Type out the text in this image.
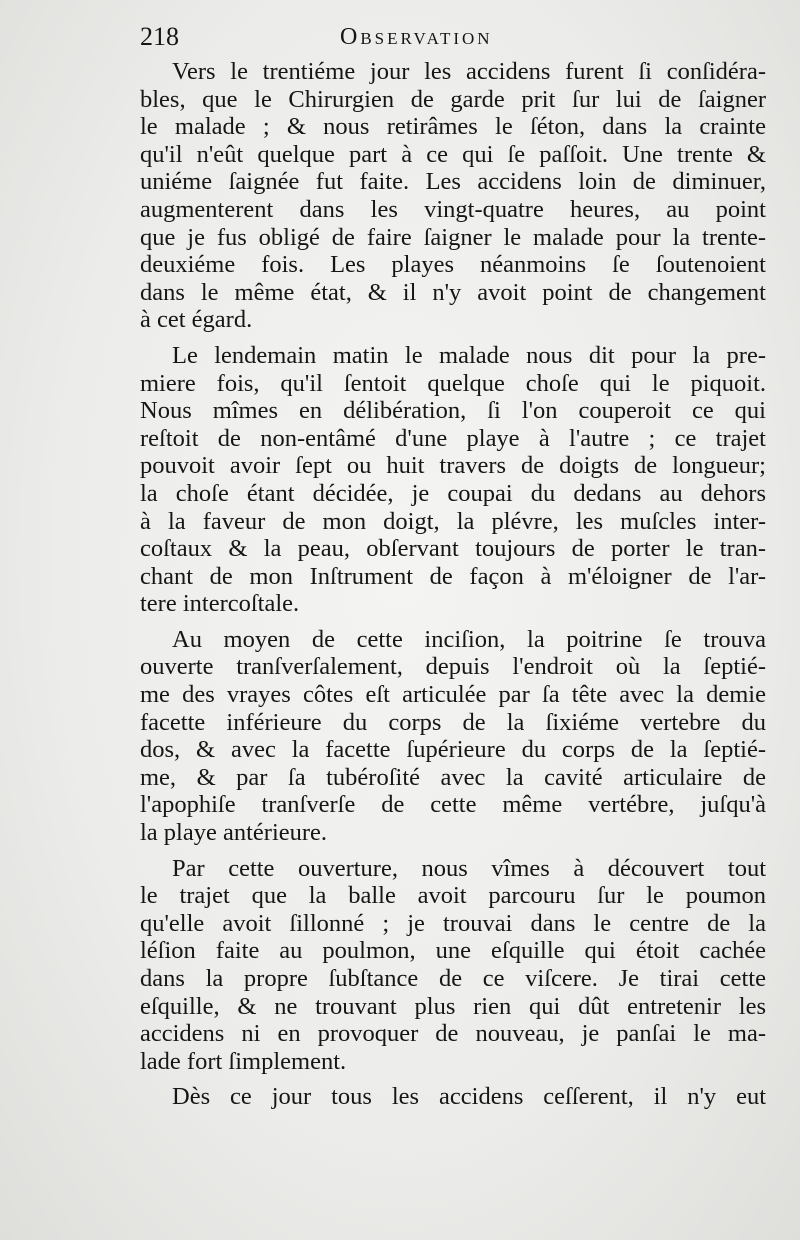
218	Observation
Vers le trentiéme jour les accidens furent ſi conſidéra-
bles, que le Chirurgien de garde prit ſur lui de ſaigner
le malade ; & nous retirâmes le ſéton, dans la crainte
qu'il n'eût quelque part à ce qui ſe paſſoit. Une trente &
uniéme ſaignée fut faite. Les accidens loin de diminuer,
augmenterent dans les vingt-quatre heures, au point
que je fus obligé de faire ſaigner le malade pour la trente-
deuxiéme fois. Les playes néanmoins ſe ſoutenoient
dans le même état, & il n'y avoit point de changement
à cet égard.
Le lendemain matin le malade nous dit pour la pre-
miere fois, qu'il ſentoit quelque choſe qui le piquoit.
Nous mîmes en délibération, ſi l'on couperoit ce qui
reſtoit de non-entâmé d'une playe à l'autre ; ce trajet
pouvoit avoir ſept ou huit travers de doigts de longueur;
la choſe étant décidée, je coupai du dedans au dehors
à la faveur de mon doigt, la plévre, les muſcles inter-
coſtaux & la peau, obſervant toujours de porter le tran-
chant de mon Inſtrument de façon à m'éloigner de l'ar-
tere intercoſtale.
Au moyen de cette inciſion, la poitrine ſe trouva
ouverte tranſverſalement, depuis l'endroit où la ſeptié-
me des vrayes côtes eſt articulée par ſa tête avec la demie
facette inférieure du corps de la ſixiéme vertebre du
dos, & avec la facette ſupérieure du corps de la ſeptié-
me, & par ſa tubéroſité avec la cavité articulaire de
l'apophiſe tranſverſe de cette même vertébre, juſqu'à
la playe antérieure.
Par cette ouverture, nous vîmes à découvert tout
le trajet que la balle avoit parcouru ſur le poumon
qu'elle avoit ſillonné ; je trouvai dans le centre de la
léſion faite au poulmon, une eſquille qui étoit cachée
dans la propre ſubſtance de ce viſcere. Je tirai cette
eſquille, & ne trouvant plus rien qui dût entretenir les
accidens ni en provoquer de nouveau, je panſai le ma-
lade fort ſimplement.
Dès ce jour tous les accidens ceſſerent, il n'y eut
